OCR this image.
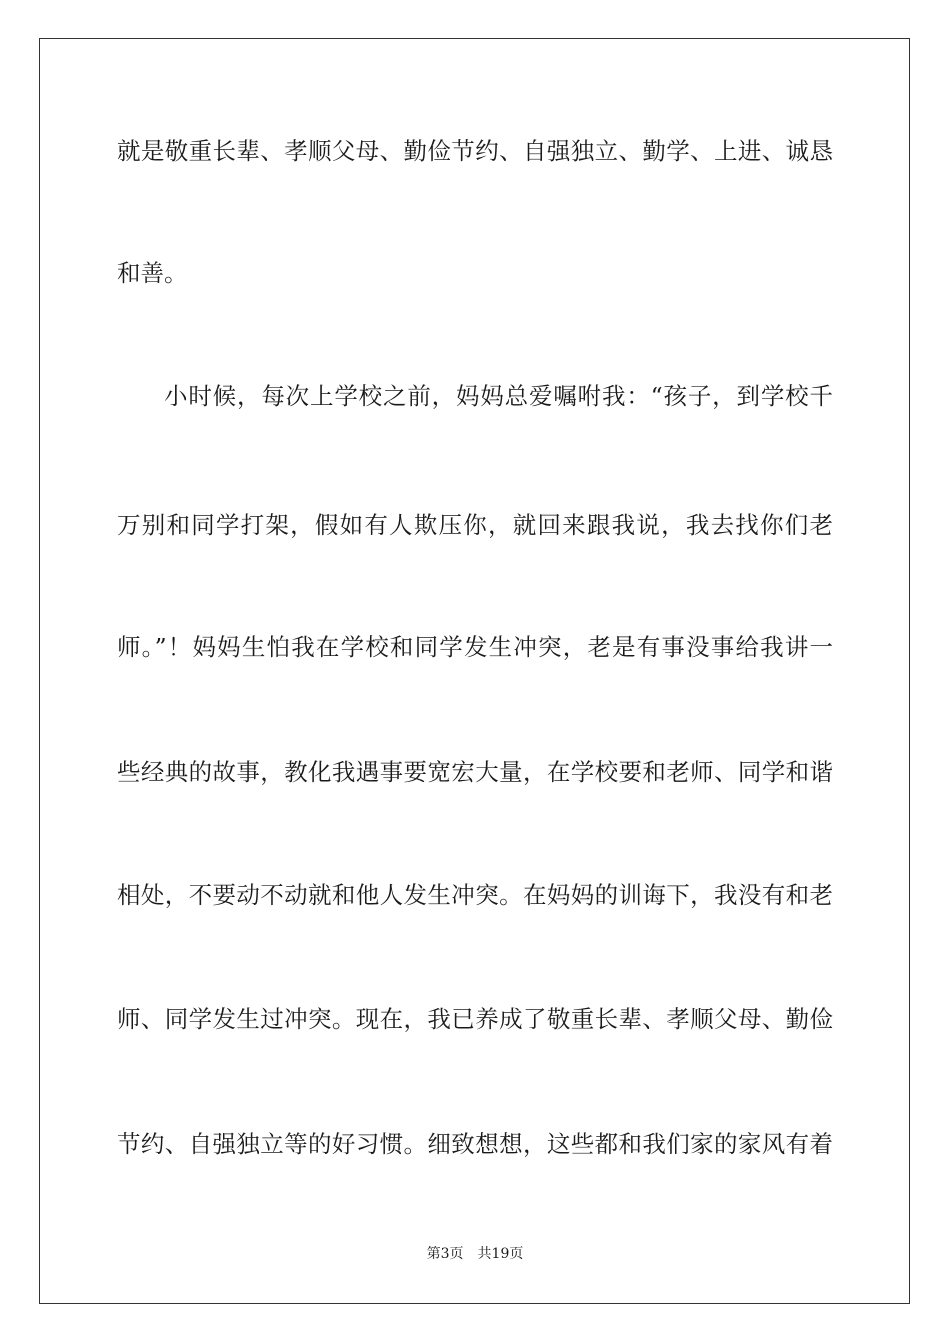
就是敬重长辈、孝顺父母、勤俭节约、自强独立、勤学、上进、诚恳
和善。
小时候，每次上学校之前，妈妈总爱嘱咐我：“孩子，到学校千
万别和同学打架，假如有人欺压你，就回来跟我说，我去找你们老
师。”！妈妈生怕我在学校和同学发生冲突，老是有事没事给我讲一
些经典的故事，教化我遇事要宽宏大量，在学校要和老师、同学和谐
相处，不要动不动就和他人发生冲突。在妈妈的训诲下，我没有和老
师、同学发生过冲突。现在，我已养成了敬重长辈、孝顺父母、勤俭
节约、自强独立等的好习惯。细致想想，这些都和我们家的家风有着
第3页 共19页
